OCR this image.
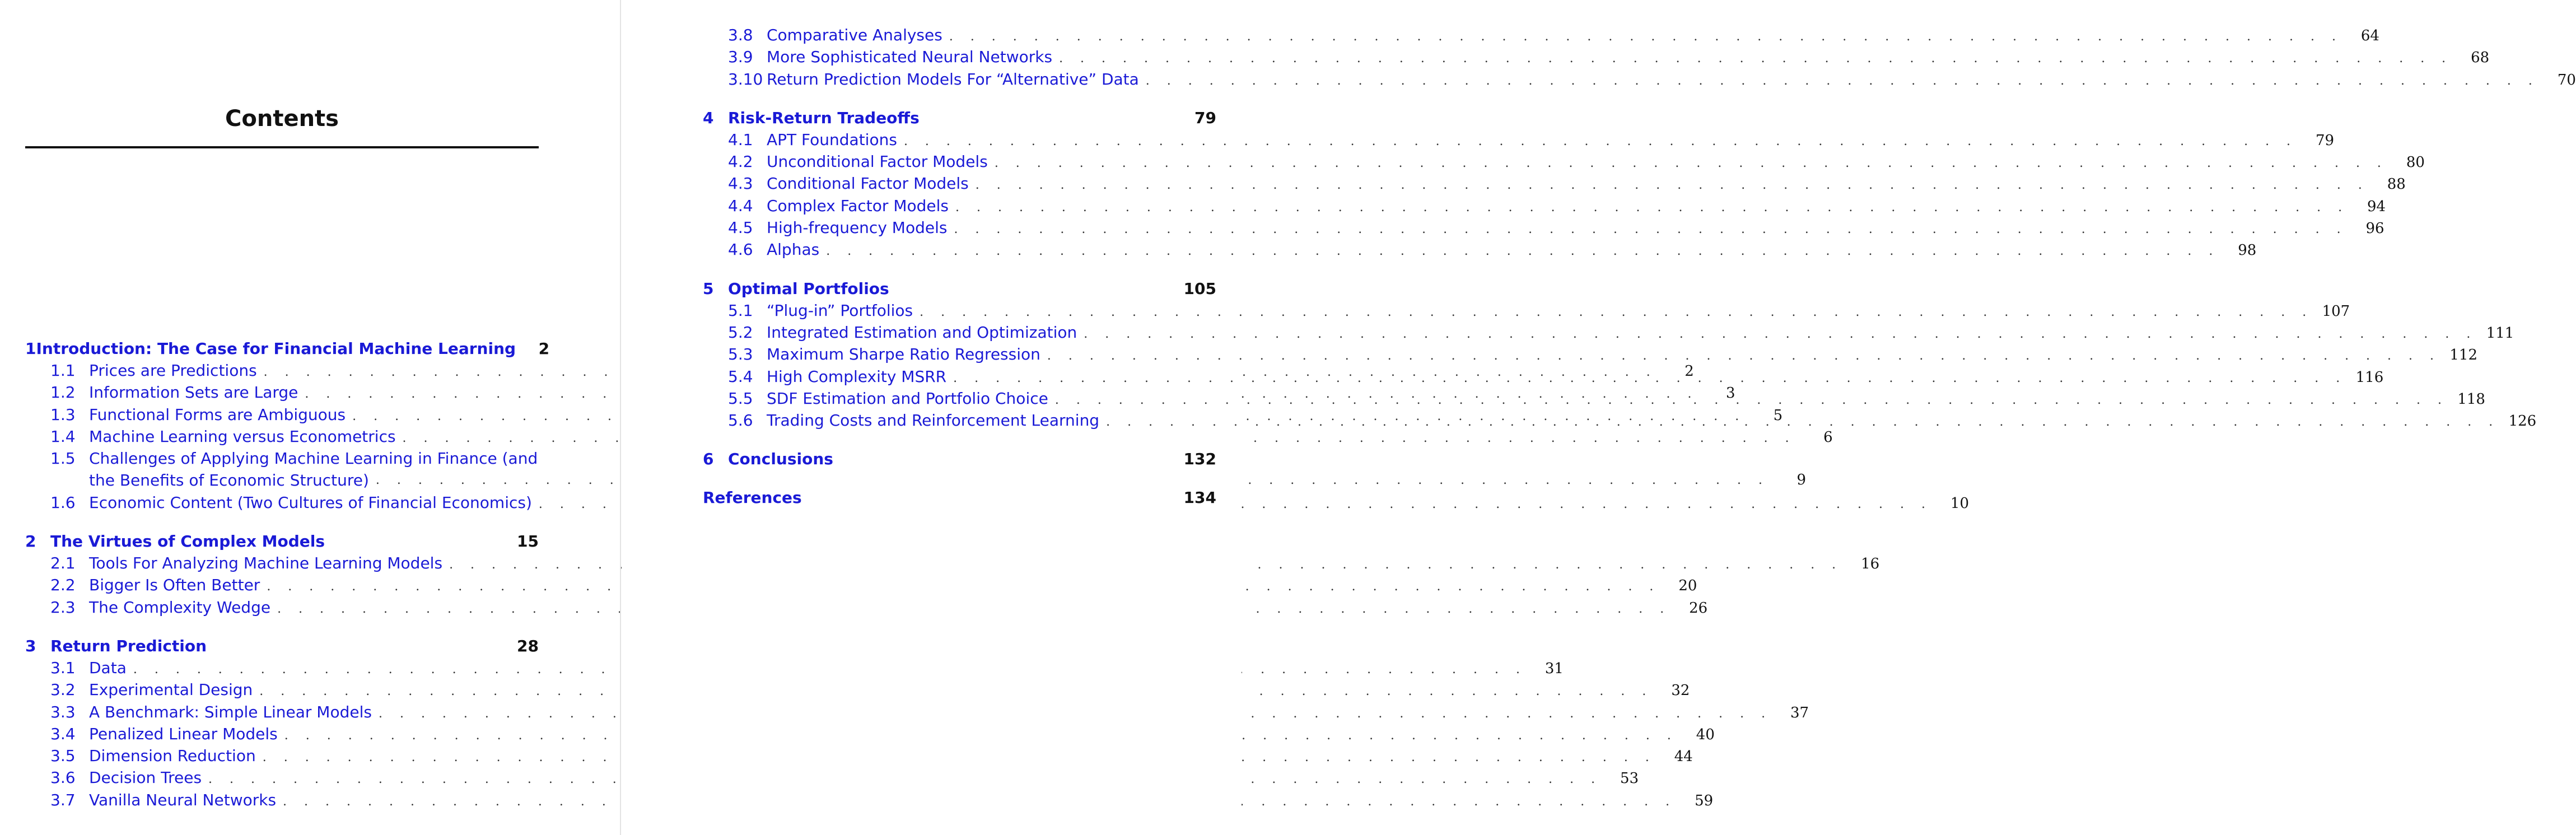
Contents
1 Introduction: The Case for Financial Machine Learning	2
1.1 Prices are Predictions . . .	2
1.2 Information Sets are Large . . .	3
1.3 Functional Forms are Ambiguous . . .	5
1.4 Machine Learning versus Econometrics . . .	6
1.5 Challenges of Applying Machine Learning in Finance (and
the Benefits of Economic Structure) . . .	9
1.6 Economic Content (Two Cultures of Financial Economics) . . .	10
2 The Virtues of Complex Models	15
2.1 Tools For Analyzing Machine Learning Models . . .	16
2.2 Bigger Is Often Better . . .	20
2.3 The Complexity Wedge . . .	26
3 Return Prediction	28
3.1 Data . . .	31
3.2 Experimental Design . . .	32
3.3 A Benchmark: Simple Linear Models . . .	37
3.4 Penalized Linear Models . . .	40
3.5 Dimension Reduction . . .	44
3.6 Decision Trees . . .	53
3.7 Vanilla Neural Networks . . .	59
3.8 Comparative Analyses . . .	64
3.9 More Sophisticated Neural Networks . . .	68
3.10 Return Prediction Models For “Alternative” Data . . .	70
4 Risk-Return Tradeoffs	79
4.1 APT Foundations . . .	79
4.2 Unconditional Factor Models . . .	80
4.3 Conditional Factor Models . . .	88
4.4 Complex Factor Models . . .	94
4.5 High-frequency Models . . .	96
4.6 Alphas . . .	98
5 Optimal Portfolios	105
5.1 “Plug-in” Portfolios . . .	107
5.2 Integrated Estimation and Optimization . . .	111
5.3 Maximum Sharpe Ratio Regression . . .	112
5.4 High Complexity MSRR . . .	116
5.5 SDF Estimation and Portfolio Choice . . .	118
5.6 Trading Costs and Reinforcement Learning . . .	126
6 Conclusions	132
References	134
